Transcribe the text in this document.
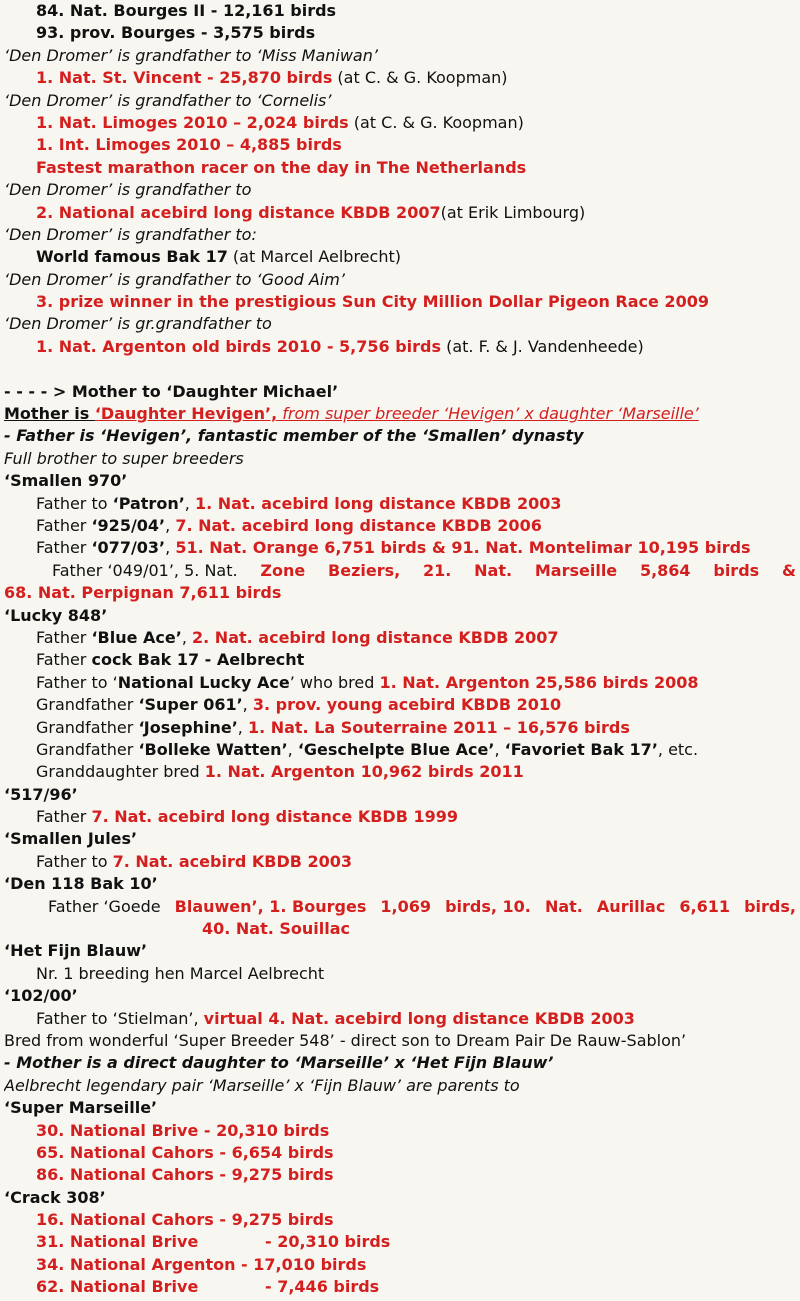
84. Nat. Bourges II - 12,161 birds
93. prov. Bourges - 3,575 birds
‘Den Dromer’ is grandfather to ‘Miss Maniwan’
1. Nat. St. Vincent - 25,870 birds (at C. & G. Koopman)
‘Den Dromer’ is grandfather to ‘Cornelis’
1. Nat. Limoges 2010 – 2,024 birds (at C. & G. Koopman)
1. Int. Limoges 2010 – 4,885 birds
Fastest marathon racer on the day in The Netherlands
‘Den Dromer’ is grandfather to
2. National acebird long distance KBDB 2007(at Erik Limbourg)
‘Den Dromer’ is grandfather to:
World famous Bak 17 (at Marcel Aelbrecht)
‘Den Dromer’ is grandfather to ‘Good Aim’
3. prize winner in the prestigious Sun City Million Dollar Pigeon Race 2009
‘Den Dromer’ is gr.grandfather to
1. Nat. Argenton old birds 2010 - 5,756 birds (at. F. & J. Vandenheede)
- - - - > Mother to ‘Daughter Michael’
Mother is ‘Daughter Hevigen’, from super breeder ‘Hevigen’ x daughter ‘Marseille’
- Father is ‘Hevigen’, fantastic member of the ‘Smallen’ dynasty
Full brother to super breeders
‘Smallen 970’
Father to ‘Patron’, 1. Nat. acebird long distance KBDB 2003
Father ‘925/04’, 7. Nat. acebird long distance KBDB 2006
Father ‘077/03’, 51. Nat. Orange 6,751 birds & 91. Nat. Montelimar 10,195 birds
Father ‘049/01’, 5. Nat. Zone Beziers, 21. Nat. Marseille 5,864 birds &
68. Nat. Perpignan 7,611 birds
‘Lucky 848’
Father ‘Blue Ace’, 2. Nat. acebird long distance KBDB 2007
Father cock Bak 17 - Aelbrecht
Father to ‘National Lucky Ace’ who bred 1. Nat. Argenton 25,586 birds 2008
Grandfather ‘Super 061’, 3. prov. young acebird KBDB 2010
Grandfather ‘Josephine’, 1. Nat. La Souterraine 2011 – 16,576 birds
Grandfather ‘Bolleke Watten’, ‘Geschelpte Blue Ace’, ‘Favoriet Bak 17’, etc.
Granddaughter bred 1. Nat. Argenton 10,962 birds 2011
‘517/96’
Father 7. Nat. acebird long distance KBDB 1999
‘Smallen Jules’
Father to 7. Nat. acebird KBDB 2003
‘Den 118 Bak 10’
Father ‘Goede Blauwen’, 1. Bourges 1,069 birds, 10. Nat. Aurillac 6,611 birds,
40. Nat. Souillac
‘Het Fijn Blauw’
Nr. 1 breeding hen Marcel Aelbrecht
‘102/00’
Father to ‘Stielman’, virtual 4. Nat. acebird long distance KBDB 2003
Bred from wonderful ‘Super Breeder 548’ - direct son to Dream Pair De Rauw-Sablon’
- Mother is a direct daughter to ‘Marseille’ x ‘Het Fijn Blauw’
Aelbrecht legendary pair ‘Marseille’ x ‘Fijn Blauw’ are parents to
‘Super Marseille’
30. National Brive - 20,310 birds
65. National Cahors - 6,654 birds
86. National Cahors - 9,275 birds
‘Crack 308’
16. National Cahors - 9,275 birds
31. National Brive	- 20,310 birds
34. National Argenton - 17,010 birds
62. National Brive	- 7,446 birds
